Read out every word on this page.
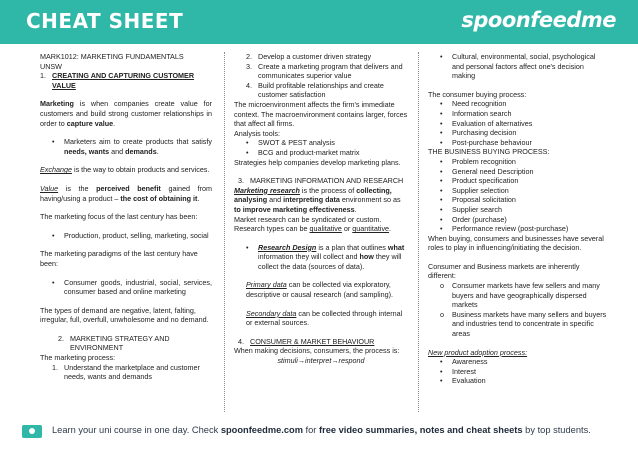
CHEAT SHEET	spoonfeedme

MARK1012: MARKETING FUNDAMENTALS

UNSW

1. CREATING AND CAPTURING CUSTOMER VALUE

Marketing is when companies create value for customers and build strong customer relationships in order to capture value.

•	Marketers aim to create products that satisfy needs, wants and demands.

Exchange is the way to obtain products and services.

Value is the perceived benefit gained from having/using a product – the cost of obtaining it.

The marketing focus of the last century has been:

•	Production, product, selling, marketing, social

The marketing paradigms of the last century have been:

•	Consumer goods, industrial, social, services, consumer based and online marketing

The types of demand are negative, latent, falting, irregular, full, overfull, unwholesome and no demand.

2. MARKETING STRATEGY AND ENVIRONMENT

The marketing process:

1. Understand the marketplace and customer needs, wants and demands
2. Develop a customer driven strategy
3. Create a marketing program that delivers and communicates superior value
4. Build profitable relationships and create customer satisfaction

The microenvironment affects the firm's immediate context. The macroenvironment contains larger, forces that affect all firms.

Analysis tools:

•	SWOT & PEST analysis
•	BCG and product-market matrix

Strategies help companies develop marketing plans.

3. MARKETING INFORMATION AND RESEARCH

Marketing research is the process of collecting, analysing and interpreting data environment so as to improve marketing effectiveness.

Market research can be syndicated or custom. Research types can be qualitative or quantitative.

•	Research Design is a plan that outlines what information they will collect and how they will collect the data (sources of data).

Primary data can be collected via exploratory, descriptive or causal research (and sampling).

Secondary data can be collected through internal or external sources.

4. CONSUMER & MARKET BEHAVIOUR

When making decisions, consumers, the process is:

stimuli→interpret→respond

•	Cultural, environmental, social, psychological and personal factors affect one's decision making

The consumer buying process:

•	Need recognition
•	Information search
•	Evaluation of alternatives
•	Purchasing decision
•	Post-purchase behaviour

THE BUSINESS BUYING PROCESS:

•	Problem recognition
•	General need Description
•	Product specification
•	Supplier selection
•	Proposal solicitation
•	Supplier search
•	Order (purchase)
•	Performance review (post-purchase)

When buying, consumers and businesses have several roles to play in influencing/initiating the decision.

Consumer and Business markets are inherently different:

o	Consumer markets have few sellers and many buyers and have geographically dispersed markets
o	Business markets have many sellers and buyers and industries tend to concentrate in specific areas

New product adoption process:

•	Awareness
•	Interest
•	Evaluation
Learn your uni course in one day. Check spoonfeedme.com for free video summaries, notes and cheat sheets by top students.
